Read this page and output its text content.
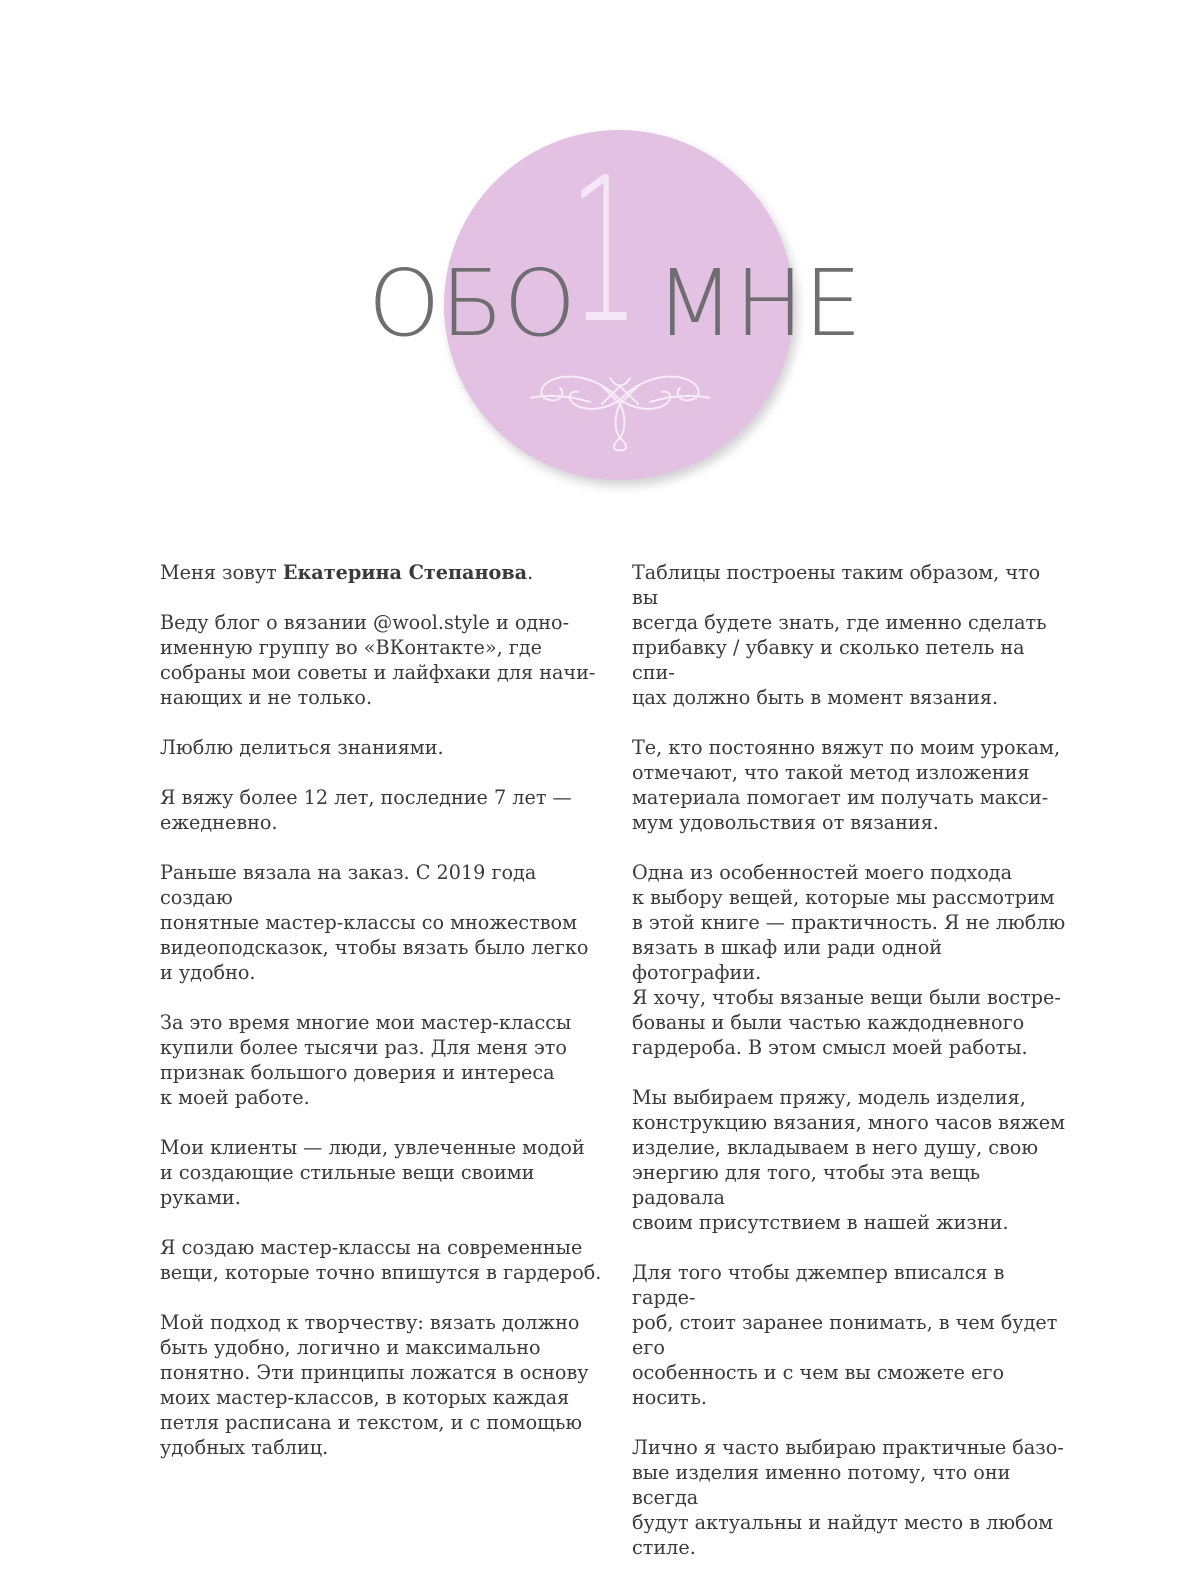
1
ОБО МНЕ

Меня зовут Екатерина Степанова.

Веду блог о вязании @wool.style и одно-
именную группу во «ВКонтакте», где
собраны мои советы и лайфхаки для начи-
нающих и не только.

Люблю делиться знаниями.

Я вяжу более 12 лет, последние 7 лет —
ежедневно.

Раньше вязала на заказ. С 2019 года создаю
понятные мастер-классы со множеством
видеоподсказок, чтобы вязать было легко
и удобно.

За это время многие мои мастер-классы
купили более тысячи раз. Для меня это
признак большого доверия и интереса
к моей работе.

Мои клиенты — люди, увлеченные модой
и создающие стильные вещи своими руками.

Я создаю мастер-классы на современные
вещи, которые точно впишутся в гардероб.

Мой подход к творчеству: вязать должно
быть удобно, логично и максимально
понятно. Эти принципы ложатся в основу
моих мастер-классов, в которых каждая
петля расписана и текстом, и с помощью
удобных таблиц.

Таблицы построены таким образом, что вы
всегда будете знать, где именно сделать
прибавку / убавку и сколько петель на спи-
цах должно быть в момент вязания.

Те, кто постоянно вяжут по моим урокам,
отмечают, что такой метод изложения
материала помогает им получать макси-
мум удовольствия от вязания.

Одна из особенностей моего подхода
к выбору вещей, которые мы рассмотрим
в этой книге — практичность. Я не люблю
вязать в шкаф или ради одной фотографии.
Я хочу, чтобы вязаные вещи были востре-
бованы и были частью каждодневного
гардероба. В этом смысл моей работы.

Мы выбираем пряжу, модель изделия,
конструкцию вязания, много часов вяжем
изделие, вкладываем в него душу, свою
энергию для того, чтобы эта вещь радовала
своим присутствием в нашей жизни.

Для того чтобы джемпер вписался в гарде-
роб, стоит заранее понимать, в чем будет его
особенность и с чем вы сможете его носить.

Лично я часто выбираю практичные базо-
вые изделия именно потому, что они всегда
будут актуальны и найдут место в любом
стиле.
